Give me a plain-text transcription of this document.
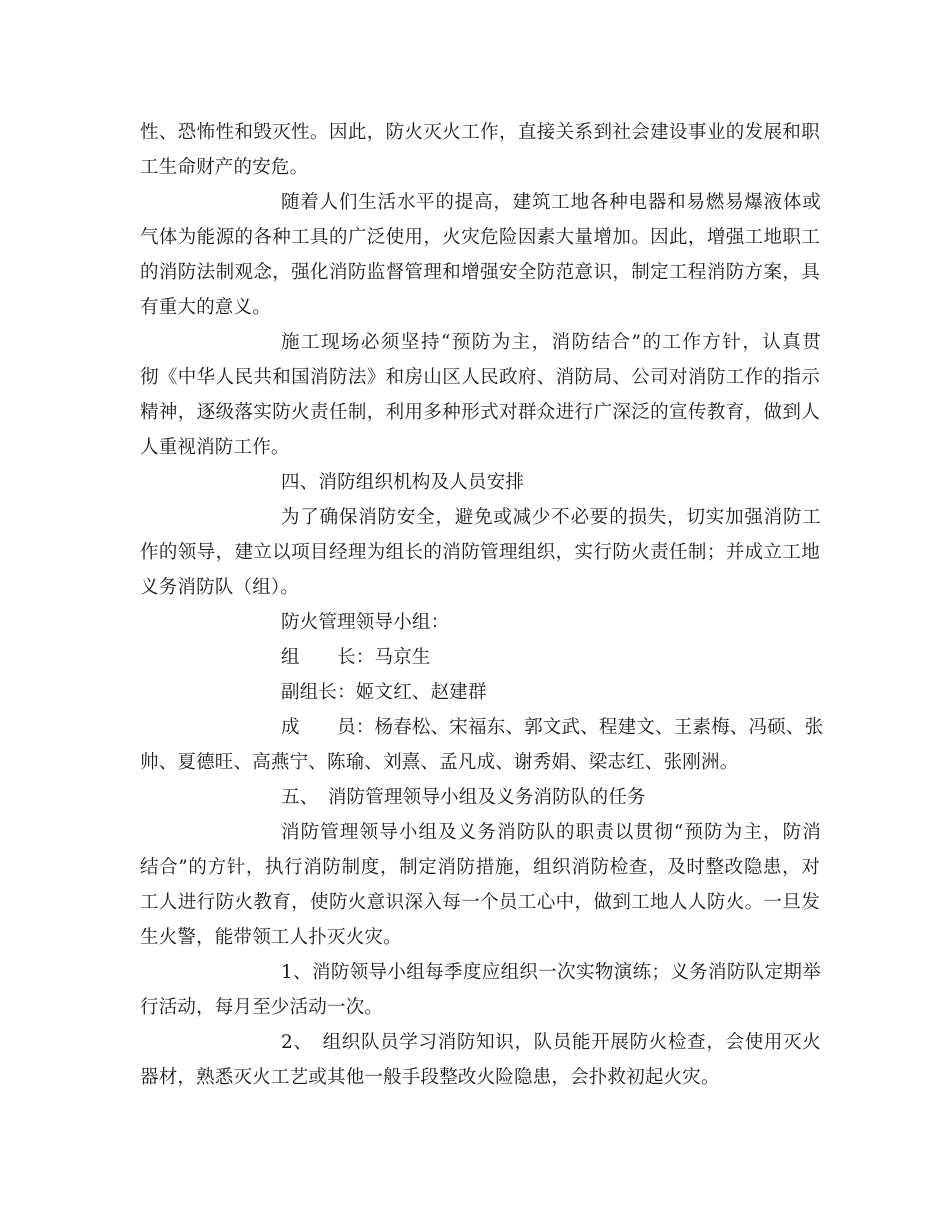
性、恐怖性和毁灭性。因此，防火灭火工作，直接关系到社会建设事业的发展和职
工生命财产的安危。
随着人们生活水平的提高，建筑工地各种电器和易燃易爆液体或
气体为能源的各种工具的广泛使用，火灾危险因素大量增加。因此，增强工地职工
的消防法制观念，强化消防监督管理和增强安全防范意识，制定工程消防方案，具
有重大的意义。
施工现场必须坚持“预防为主，消防结合”的工作方针，认真贯
彻《中华人民共和国消防法》和房山区人民政府、消防局、公司对消防工作的指示
精神，逐级落实防火责任制，利用多种形式对群众进行广深泛的宣传教育，做到人
人重视消防工作。
四、消防组织机构及人员安排
为了确保消防安全，避免或减少不必要的损失，切实加强消防工
作的领导，建立以项目经理为组长的消防管理组织，实行防火责任制；并成立工地
义务消防队（组）。
防火管理领导小组：
组　　长：马京生
副组长：姬文红、赵建群
成　　员：杨春松、宋福东、郭文武、程建文、王素梅、冯硕、张
帅、夏德旺、高燕宁、陈瑜、刘熹、孟凡成、谢秀娟、梁志红、张刚洲。
五、　消防管理领导小组及义务消防队的任务
消防管理领导小组及义务消防队的职责以贯彻“预防为主，防消
结合”的方针，执行消防制度，制定消防措施，组织消防检查，及时整改隐患，对
工人进行防火教育，使防火意识深入每一个员工心中，做到工地人人防火。一旦发
生火警，能带领工人扑灭火灾。
1、消防领导小组每季度应组织一次实物演练；义务消防队定期举
行活动，每月至少活动一次。
2、　组织队员学习消防知识，队员能开展防火检查，会使用灭火
器材，熟悉灭火工艺或其他一般手段整改火险隐患，会扑救初起火灾。
